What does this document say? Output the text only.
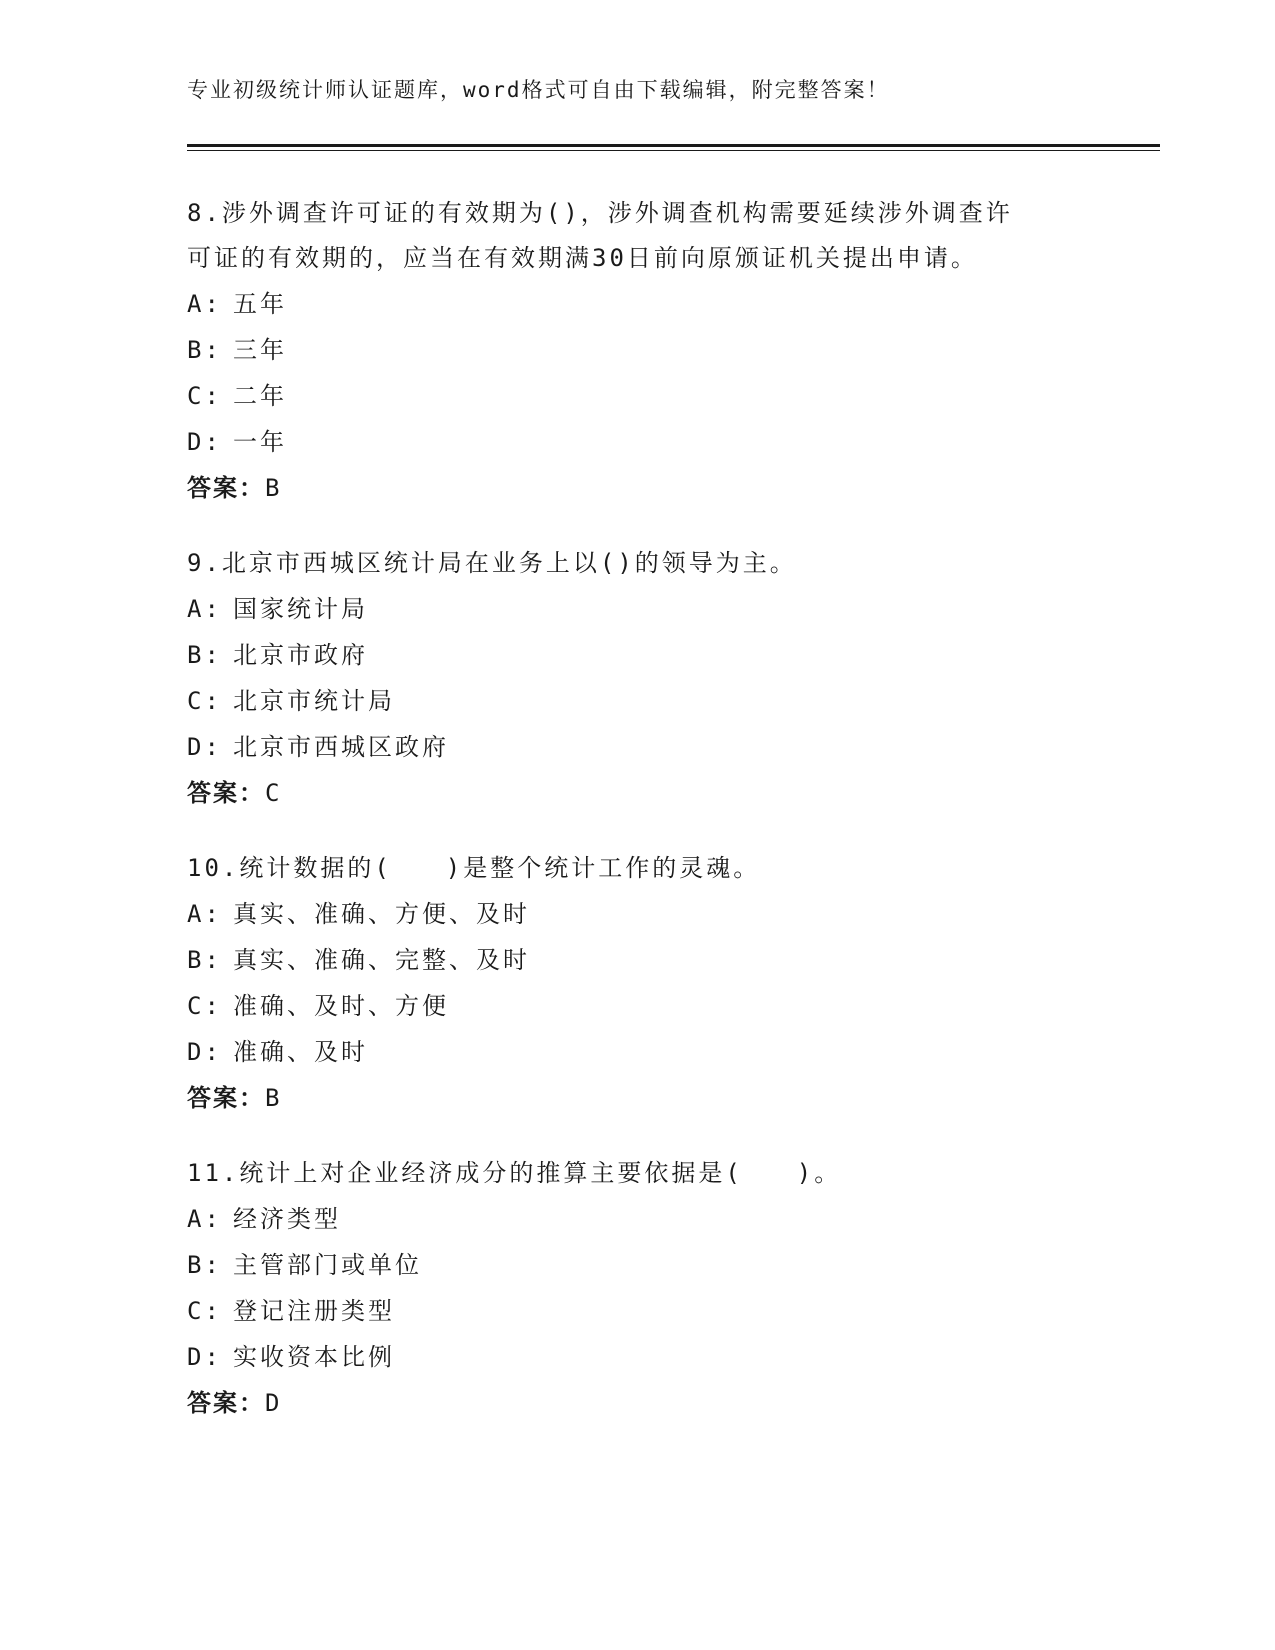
专业初级统计师认证题库，word格式可自由下载编辑，附完整答案！

8.涉外调查许可证的有效期为()，涉外调查机构需要延续涉外调查许

可证的有效期的，应当在有效期满30日前向原颁证机关提出申请。

A: 五年

B: 三年

C: 二年

D: 一年

答案：B

9.北京市西城区统计局在业务上以()的领导为主。

A: 国家统计局

B: 北京市政府

C: 北京市统计局

D: 北京市西城区政府

答案：C

10.统计数据的(　　)是整个统计工作的灵魂。

A: 真实、准确、方便、及时

B: 真实、准确、完整、及时

C: 准确、及时、方便

D: 准确、及时

答案：B

11.统计上对企业经济成分的推算主要依据是(　　)。

A: 经济类型

B: 主管部门或单位

C: 登记注册类型

D: 实收资本比例

答案：D
